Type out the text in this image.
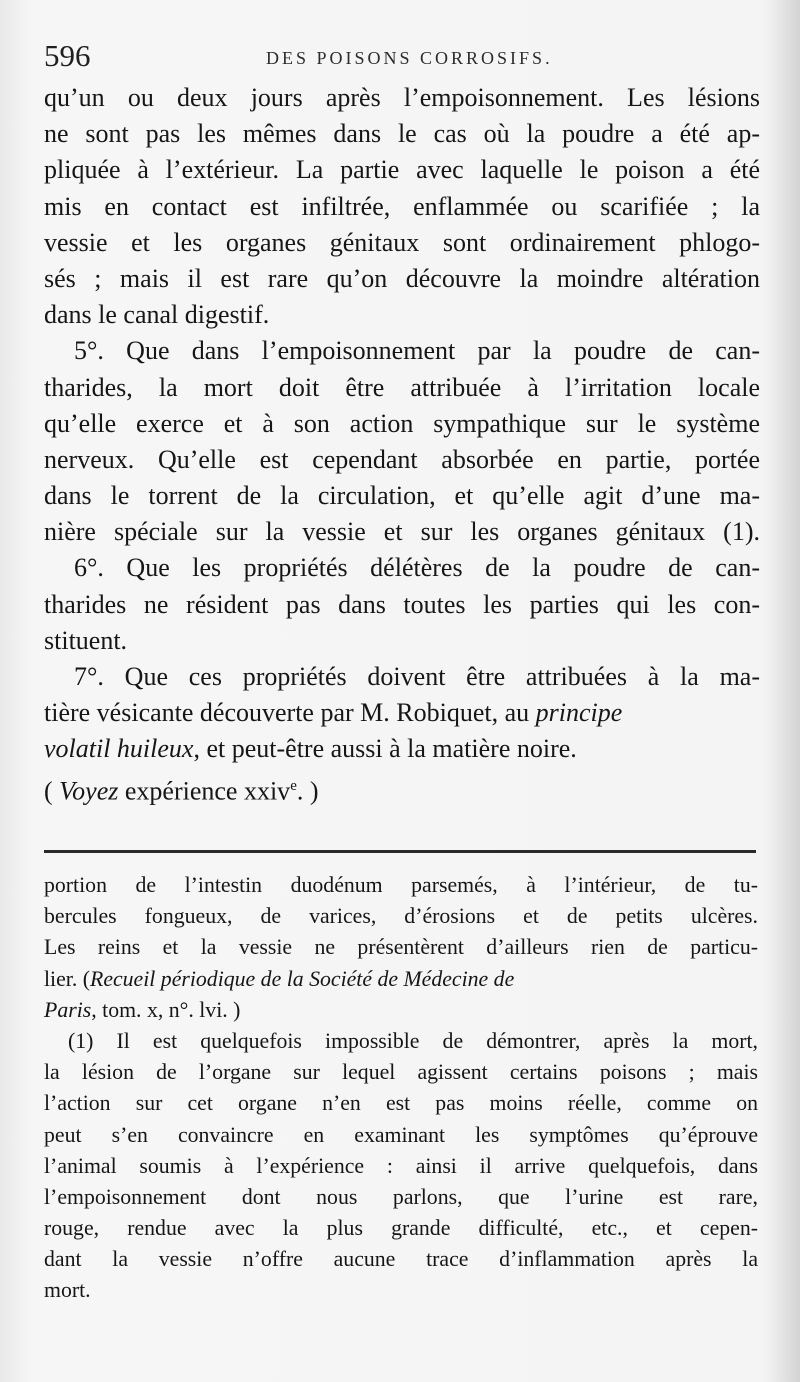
596	DES POISONS CORROSIFS.
qu’un ou deux jours après l’empoisonnement. Les lésions
ne sont pas les mêmes dans le cas où la poudre a été ap-
pliquée à l’extérieur. La partie avec laquelle le poison a été
mis en contact est infiltrée, enflammée ou scarifiée ; la
vessie et les organes génitaux sont ordinairement phlogo-
sés ; mais il est rare qu’on découvre la moindre altération
dans le canal digestif.
5°. Que dans l’empoisonnement par la poudre de can-
tharides, la mort doit être attribuée à l’irritation locale
qu’elle exerce et à son action sympathique sur le système
nerveux. Qu’elle est cependant absorbée en partie, portée
dans le torrent de la circulation, et qu’elle agit d’une ma-
nière spéciale sur la vessie et sur les organes génitaux (1).
6°. Que les propriétés délétères de la poudre de can-
tharides ne résident pas dans toutes les parties qui les con-
stituent.
7°. Que ces propriétés doivent être attribuées à la ma-
tière vésicante découverte par M. Robiquet, au principe
volatil huileux, et peut-être aussi à la matière noire.
( Voyez expérience xxiv$^e$. )
portion de l’intestin duodénum parsemés, à l’intérieur, de tu-
bercules fongueux, de varices, d’érosions et de petits ulcères.
Les reins et la vessie ne présentèrent d’ailleurs rien de particu-
lier. (Recueil périodique de la Société de Médecine de
Paris, tom. x, n°. lvi. )
(1) Il est quelquefois impossible de démontrer, après la mort,
la lésion de l’organe sur lequel agissent certains poisons ; mais
l’action sur cet organe n’en est pas moins réelle, comme on
peut s’en convaincre en examinant les symptômes qu’éprouve
l’animal soumis à l’expérience : ainsi il arrive quelquefois, dans
l’empoisonnement dont nous parlons, que l’urine est rare,
rouge, rendue avec la plus grande difficulté, etc., et cepen-
dant la vessie n’offre aucune trace d’inflammation après la
mort.
